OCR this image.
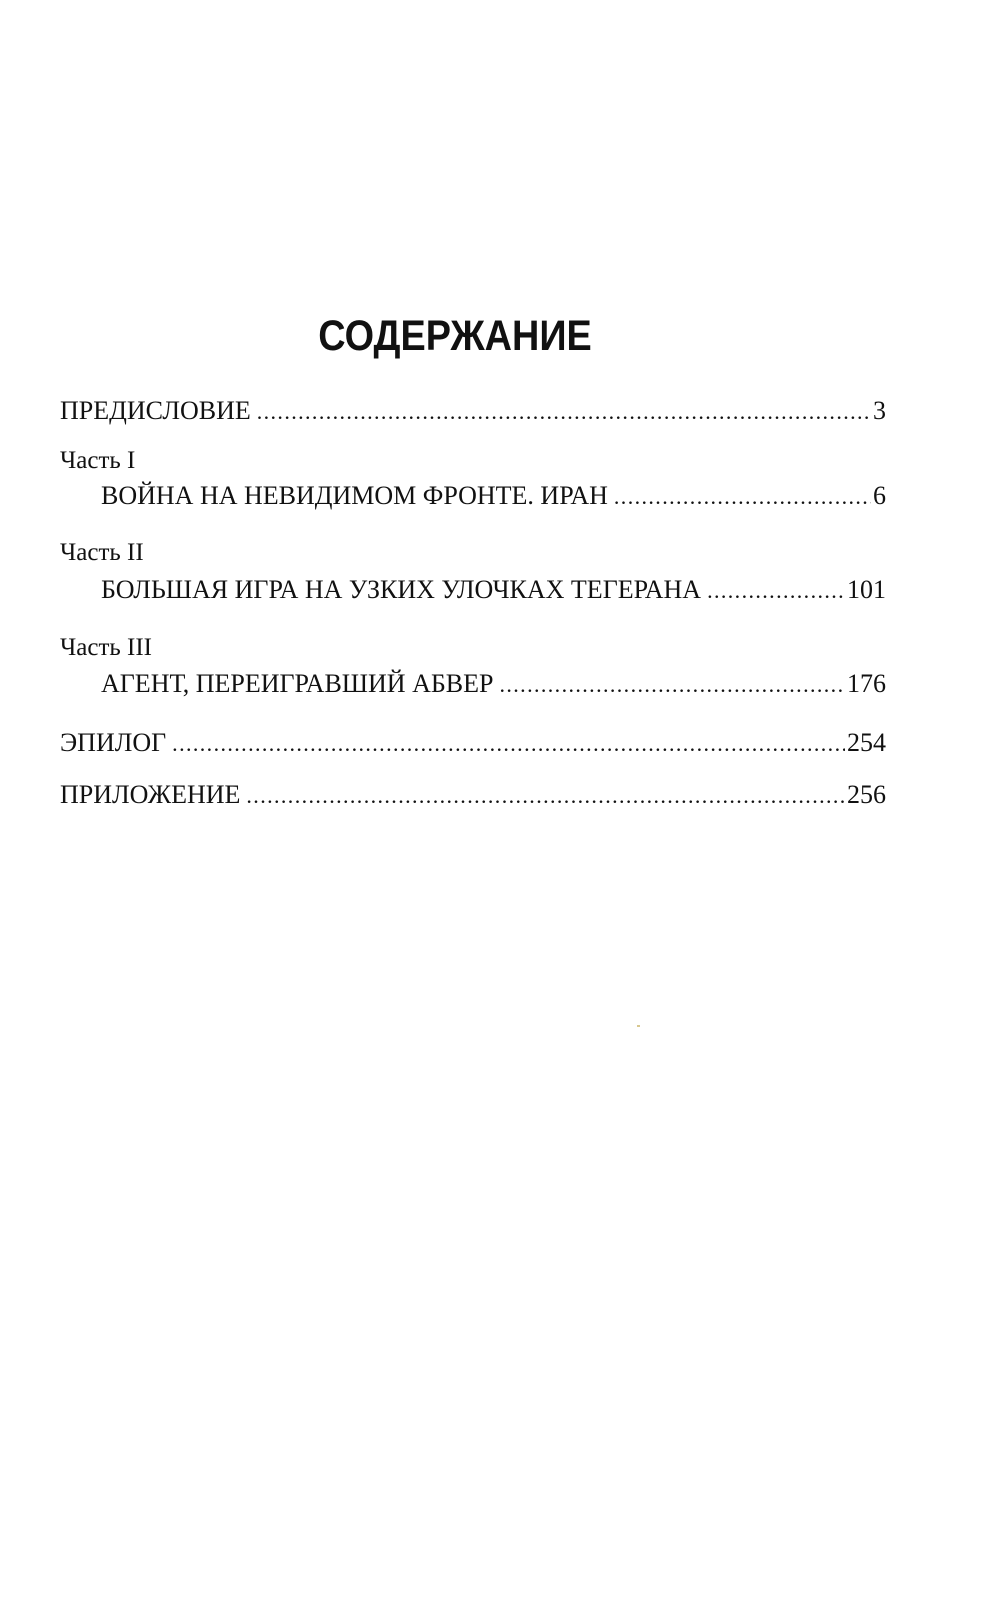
СОДЕРЖАНИЕ
ПРЕДИСЛОВИЕ .....	3
Часть I
ВОЙНА НА НЕВИДИМОМ ФРОНТЕ. ИРАН .....	6
Часть II
БОЛЬШАЯ ИГРА НА УЗКИХ УЛОЧКАХ ТЕГЕРАНА .....	101
Часть III
АГЕНТ, ПЕРЕИГРАВШИЙ АБВЕР .....	176
ЭПИЛОГ .....	254
ПРИЛОЖЕНИЕ .....	256
